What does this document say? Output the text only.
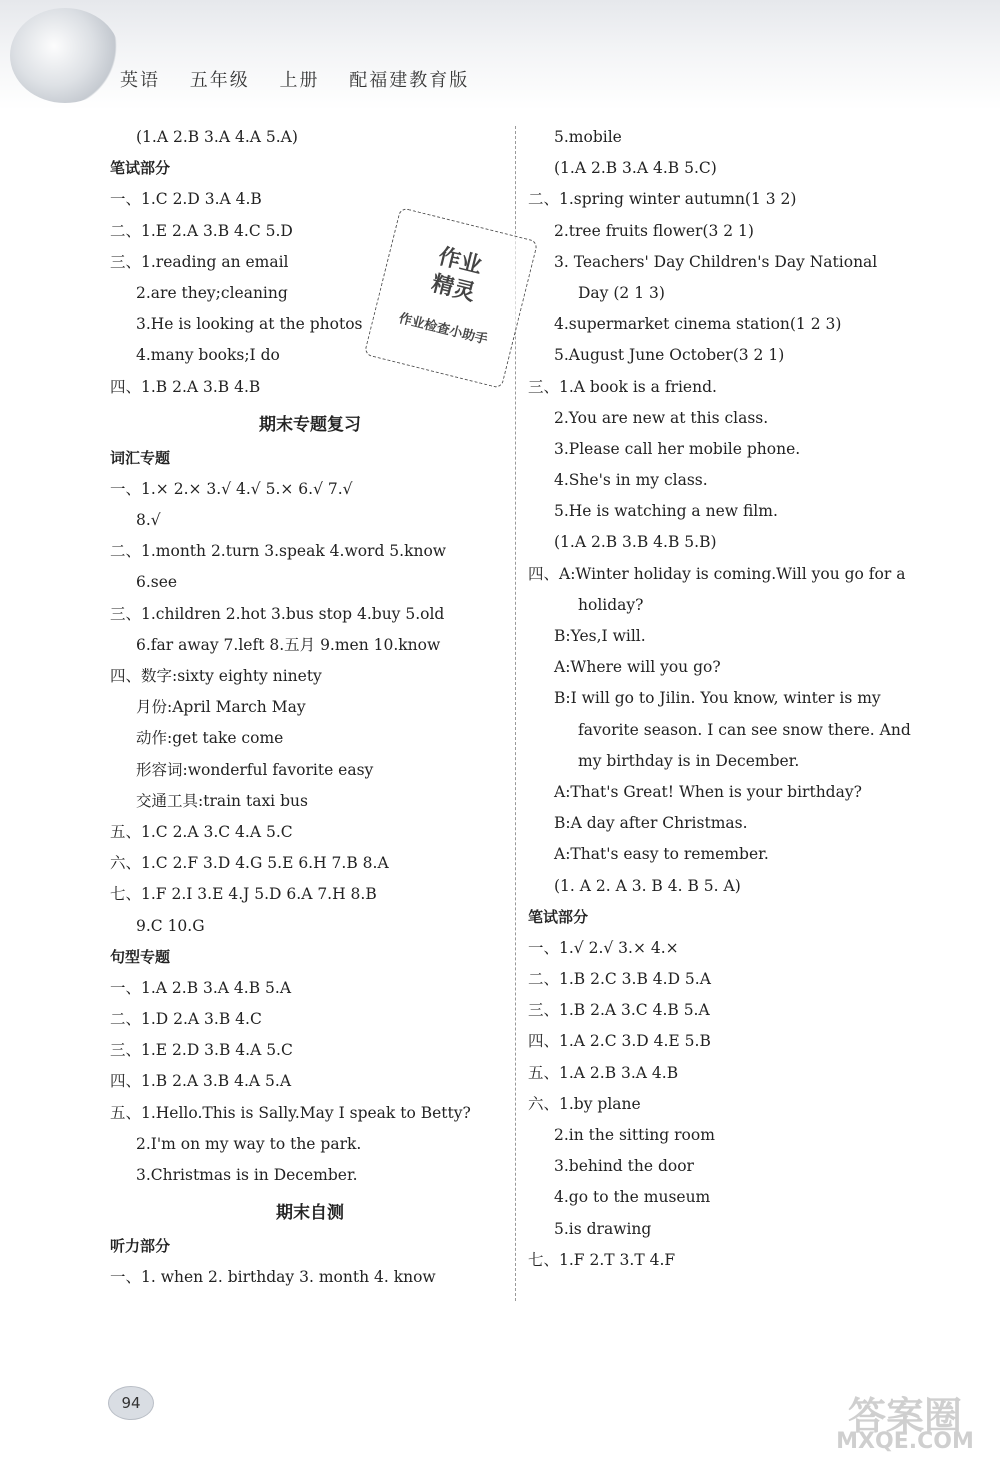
英语 五年级 上册 配福建教育版
(1.A 2.B 3.A 4.A 5.A)
笔试部分
一、1.C 2.D 3.A 4.B
二、1.E 2.A 3.B 4.C 5.D
三、1.reading an email
2.are they;cleaning
3.He is looking at the photos
4.many books;I do
四、1.B 2.A 3.B 4.B
期末专题复习
词汇专题
一、1.× 2.× 3.√ 4.√ 5.× 6.√ 7.√
8.√
二、1.month 2.turn 3.speak 4.word 5.know
6.see
三、1.children 2.hot 3.bus stop 4.buy 5.old
6.far away 7.left 8.五月 9.men 10.know
四、数字:sixty eighty ninety
月份:April March May
动作:get take come
形容词:wonderful favorite easy
交通工具:train taxi bus
五、1.C 2.A 3.C 4.A 5.C
六、1.C 2.F 3.D 4.G 5.E 6.H 7.B 8.A
七、1.F 2.I 3.E 4.J 5.D 6.A 7.H 8.B
9.C 10.G
句型专题
一、1.A 2.B 3.A 4.B 5.A
二、1.D 2.A 3.B 4.C
三、1.E 2.D 3.B 4.A 5.C
四、1.B 2.A 3.B 4.A 5.A
五、1.Hello.This is Sally.May I speak to Betty?
2.I'm on my way to the park.
3.Christmas is in December.
期末自测
听力部分
一、1. when 2. birthday 3. month 4. know
5.mobile
(1.A 2.B 3.A 4.B 5.C)
二、1.spring winter autumn(1 3 2)
2.tree fruits flower(3 2 1)
3. Teachers' Day Children's Day National
Day (2 1 3)
4.supermarket cinema station(1 2 3)
5.August June October(3 2 1)
三、1.A book is a friend.
2.You are new at this class.
3.Please call her mobile phone.
4.She's in my class.
5.He is watching a new film.
(1.A 2.B 3.B 4.B 5.B)
四、A:Winter holiday is coming.Will you go for a
holiday?
B:Yes,I will.
A:Where will you go?
B:I will go to Jilin. You know, winter is my
favorite season. I can see snow there. And
my birthday is in December.
A:That's Great! When is your birthday?
B:A day after Christmas.
A:That's easy to remember.
(1. A 2. A 3. B 4. B 5. A)
笔试部分
一、1.√ 2.√ 3.× 4.×
二、1.B 2.C 3.B 4.D 5.A
三、1.B 2.A 3.C 4.B 5.A
四、1.A 2.C 3.D 4.E 5.B
五、1.A 2.B 3.A 4.B
六、1.by plane
2.in the sitting room
3.behind the door
4.go to the museum
5.is drawing
七、1.F 2.T 3.T 4.F
作业
精灵
作业检查小助手
94	答案圈
MXQE.COM
